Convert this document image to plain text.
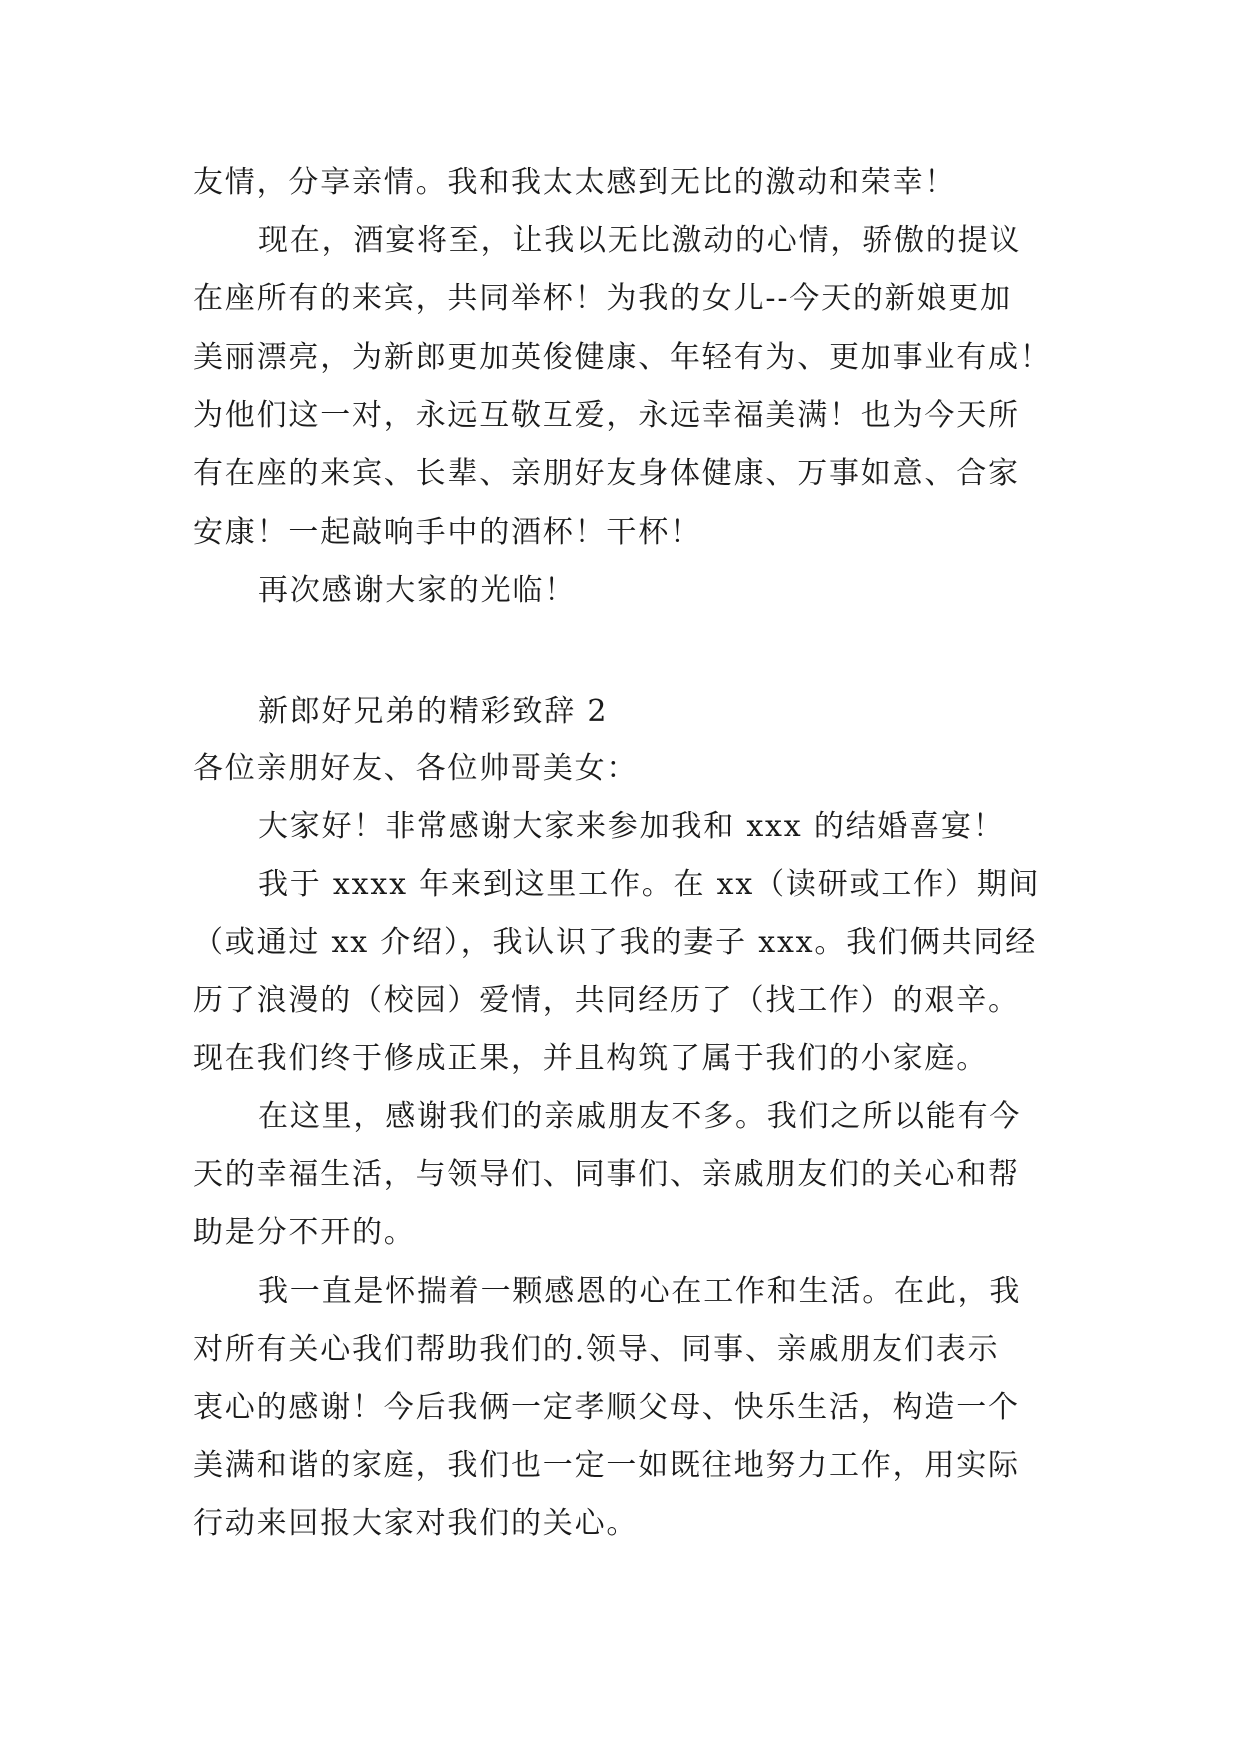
友情，分享亲情。我和我太太感到无比的激动和荣幸！
现在，酒宴将至，让我以无比激动的心情，骄傲的提议
在座所有的来宾，共同举杯！为我的女儿--今天的新娘更加
美丽漂亮，为新郎更加英俊健康、年轻有为、更加事业有成！
为他们这一对，永远互敬互爱，永远幸福美满！也为今天所
有在座的来宾、长辈、亲朋好友身体健康、万事如意、合家
安康！一起敲响手中的酒杯！干杯！
再次感谢大家的光临！
新郎好兄弟的精彩致辞 2
各位亲朋好友、各位帅哥美女：
大家好！非常感谢大家来参加我和 xxx 的结婚喜宴！
我于 xxxx 年来到这里工作。在 xx（读研或工作）期间
（或通过 xx 介绍），我认识了我的妻子 xxx。我们俩共同经
历了浪漫的（校园）爱情，共同经历了（找工作）的艰辛。
现在我们终于修成正果，并且构筑了属于我们的小家庭。
在这里，感谢我们的亲戚朋友不多。我们之所以能有今
天的幸福生活，与领导们、同事们、亲戚朋友们的关心和帮
助是分不开的。
我一直是怀揣着一颗感恩的心在工作和生活。在此，我
对所有关心我们帮助我们的.领导、同事、亲戚朋友们表示
衷心的感谢！今后我俩一定孝顺父母、快乐生活，构造一个
美满和谐的家庭，我们也一定一如既往地努力工作，用实际
行动来回报大家对我们的关心。
